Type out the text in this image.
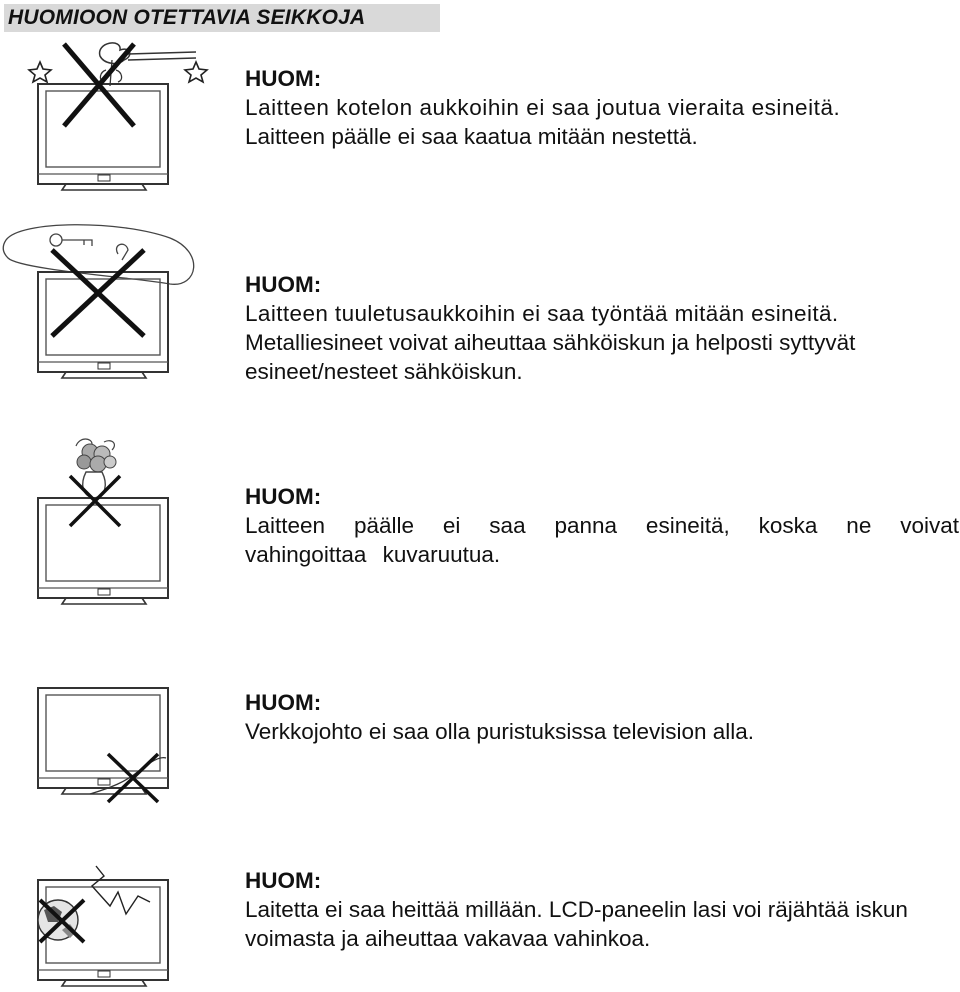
HUOMIOON OTETTAVIA SEIKKOJA
HUOM:
Laitteen kotelon aukkoihin ei saa joutua vieraita esineitä.
Laitteen päälle ei saa kaatua mitään nestettä.
HUOM:
Laitteen tuuletusaukkoihin ei saa työntää mitään esineitä.
Metalliesineet voivat aiheuttaa sähköiskun ja helposti syttyvät esineet/nesteet sähköiskun.
HUOM:
Laitteen päälle ei saa panna esineitä, koska ne voivat vahingoittaa kuvaruutua.
HUOM:
Verkkojohto ei saa olla puristuksissa television alla.
HUOM:
Laitetta ei saa heittää millään. LCD-paneelin lasi voi räjähtää iskun voimasta ja aiheuttaa vakavaa vahinkoa.
